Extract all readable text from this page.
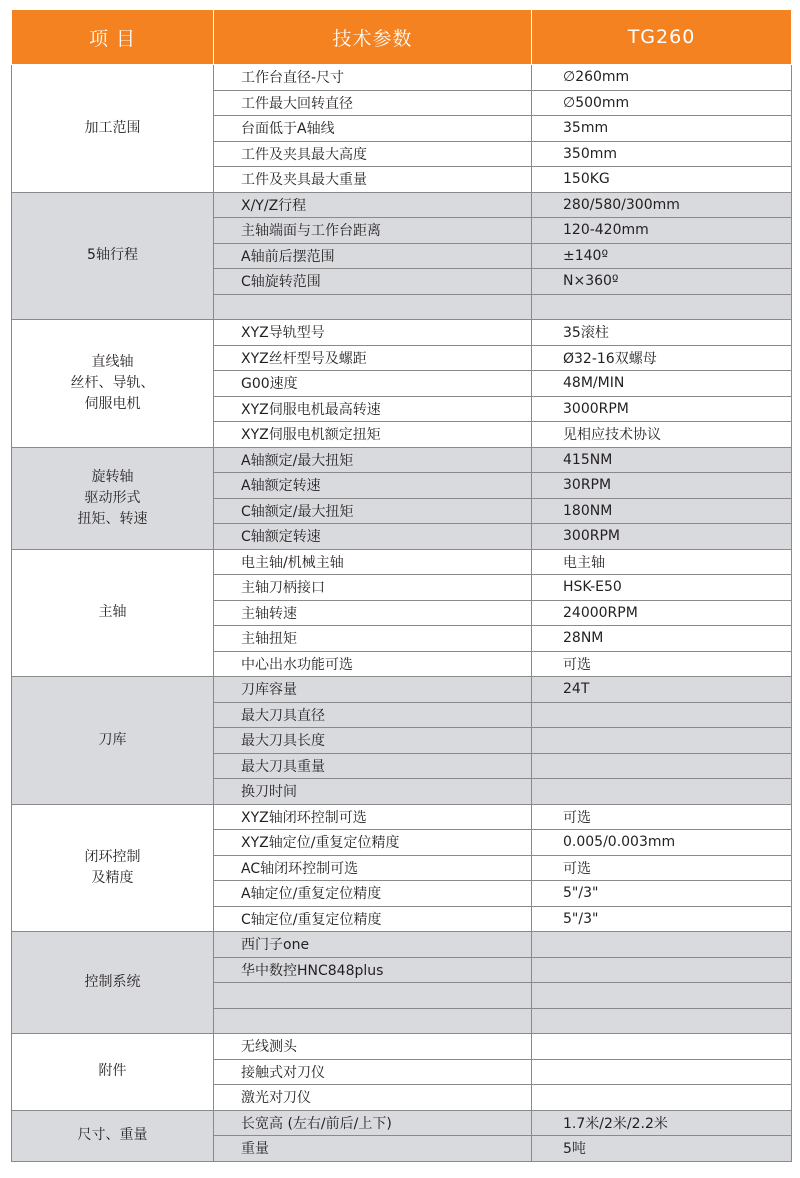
项 目	技术参数	TG260

加工范围	工作台直径-尺寸	∅260mm
	工件最大回转直径	∅500mm
	台面低于A轴线	35mm
	工件及夹具最大高度	350mm
	工件及夹具最大重量	150KG

5轴行程	X/Y/Z行程	280/580/300mm
	主轴端面与工作台距离	120-420mm
	A轴前后摆范围	±140º
	C轴旋转范围	N×360º

直线轴
丝杆、导轨、
伺服电机	XYZ导轨型号	35滚柱
	XYZ丝杆型号及螺距	Ø32-16双螺母
	G00速度	48M/MIN
	XYZ伺服电机最高转速	3000RPM
	XYZ伺服电机额定扭矩	见相应技术协议

旋转轴
驱动形式
扭矩、转速	A轴额定/最大扭矩	415NM
	A轴额定转速	30RPM
	C轴额定/最大扭矩	180NM
	C轴额定转速	300RPM

主轴	电主轴/机械主轴	电主轴
	主轴刀柄接口	HSK-E50
	主轴转速	24000RPM
	主轴扭矩	28NM
	中心出水功能可选	可选

刀库	刀库容量	24T
	最大刀具直径	
	最大刀具长度	
	最大刀具重量	
	换刀时间	

闭环控制
及精度	XYZ轴闭环控制可选	可选
	XYZ轴定位/重复定位精度	0.005/0.003mm
	AC轴闭环控制可选	可选
	A轴定位/重复定位精度	5"/3"
	C轴定位/重复定位精度	5"/3"

控制系统	西门子one	
	华中数控HNC848plus	

附件	无线测头	
	接触式对刀仪	
	激光对刀仪	

尺寸、重量	长宽高 (左右/前后/上下)	1.7米/2米/2.2米
	重量	5吨
